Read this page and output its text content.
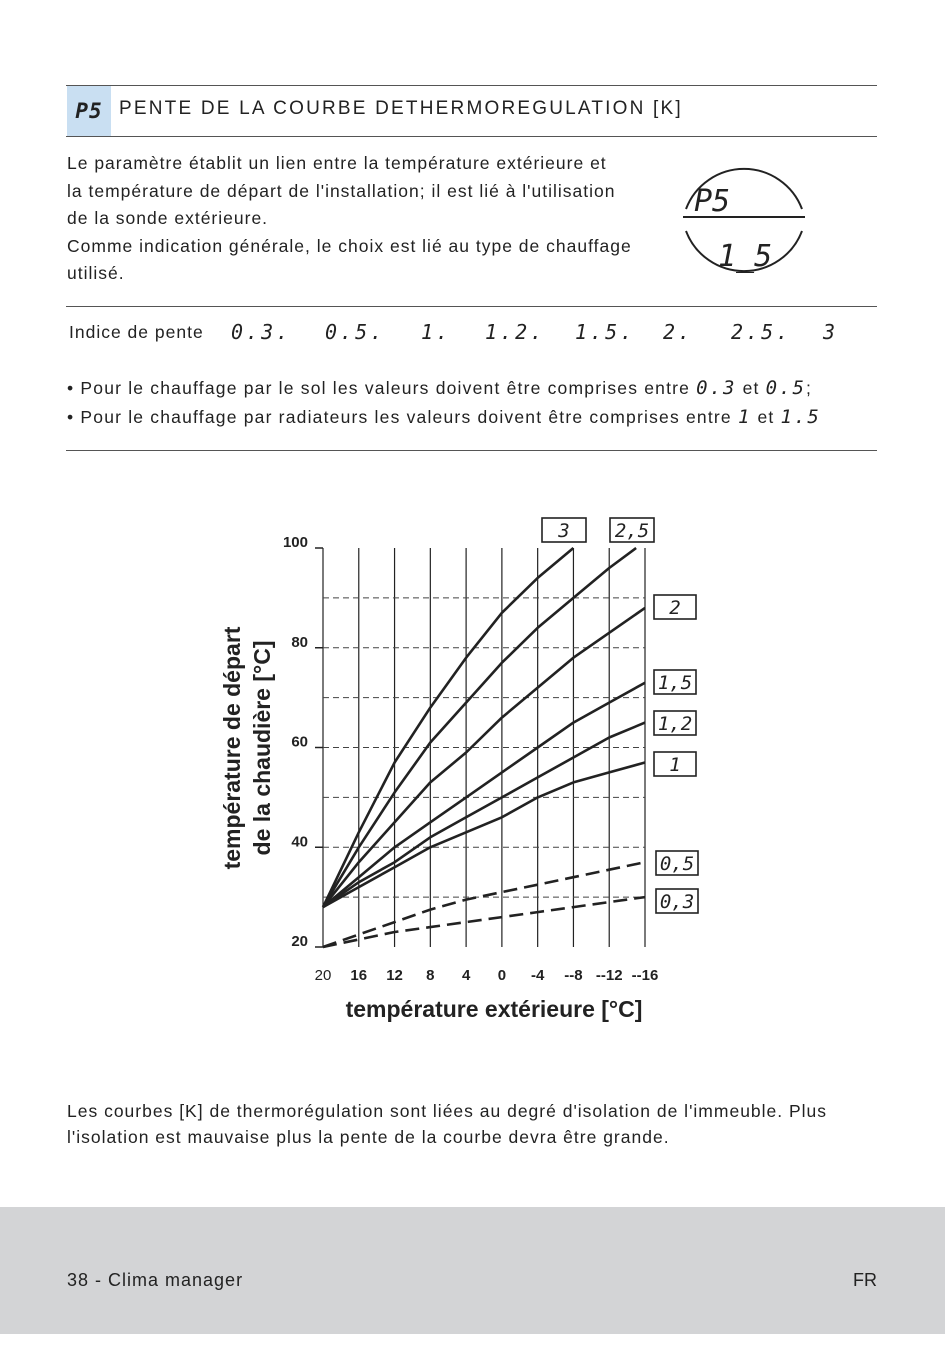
P5 PENTE DE LA COURBE DETHERMOREGULATION [K]

Le paramètre établit un lien entre la température extérieure et
la température de départ de l'installation; il est lié à l'utilisation
de la sonde extérieure.
Comme indication générale, le choix est lié au type de chauffage
utilisé.

P5
1_5
Indice de pente 0.3. 0.5. 1. 1.2. 1.5. 2. 2.5. 3
• Pour le chauffage par le sol les valeurs doivent être comprises entre 0.3 et 0.5;
• Pour le chauffage par radiateurs les valeurs doivent être comprises entre 1 et 1.5
100
80
60
40
20
20 16 12 8 4 0 -4 --8 --12 --16
température extérieure [°C]
température de départ de la chaudière [°C]
3 2,5
2
1,5
1,2
1
0,5
0,3

Les courbes [K] de thermorégulation sont liées au degré d'isolation de l'immeuble. Plus
l'isolation est mauvaise plus la pente de la courbe devra être grande.

38 - Clima manager	FR
